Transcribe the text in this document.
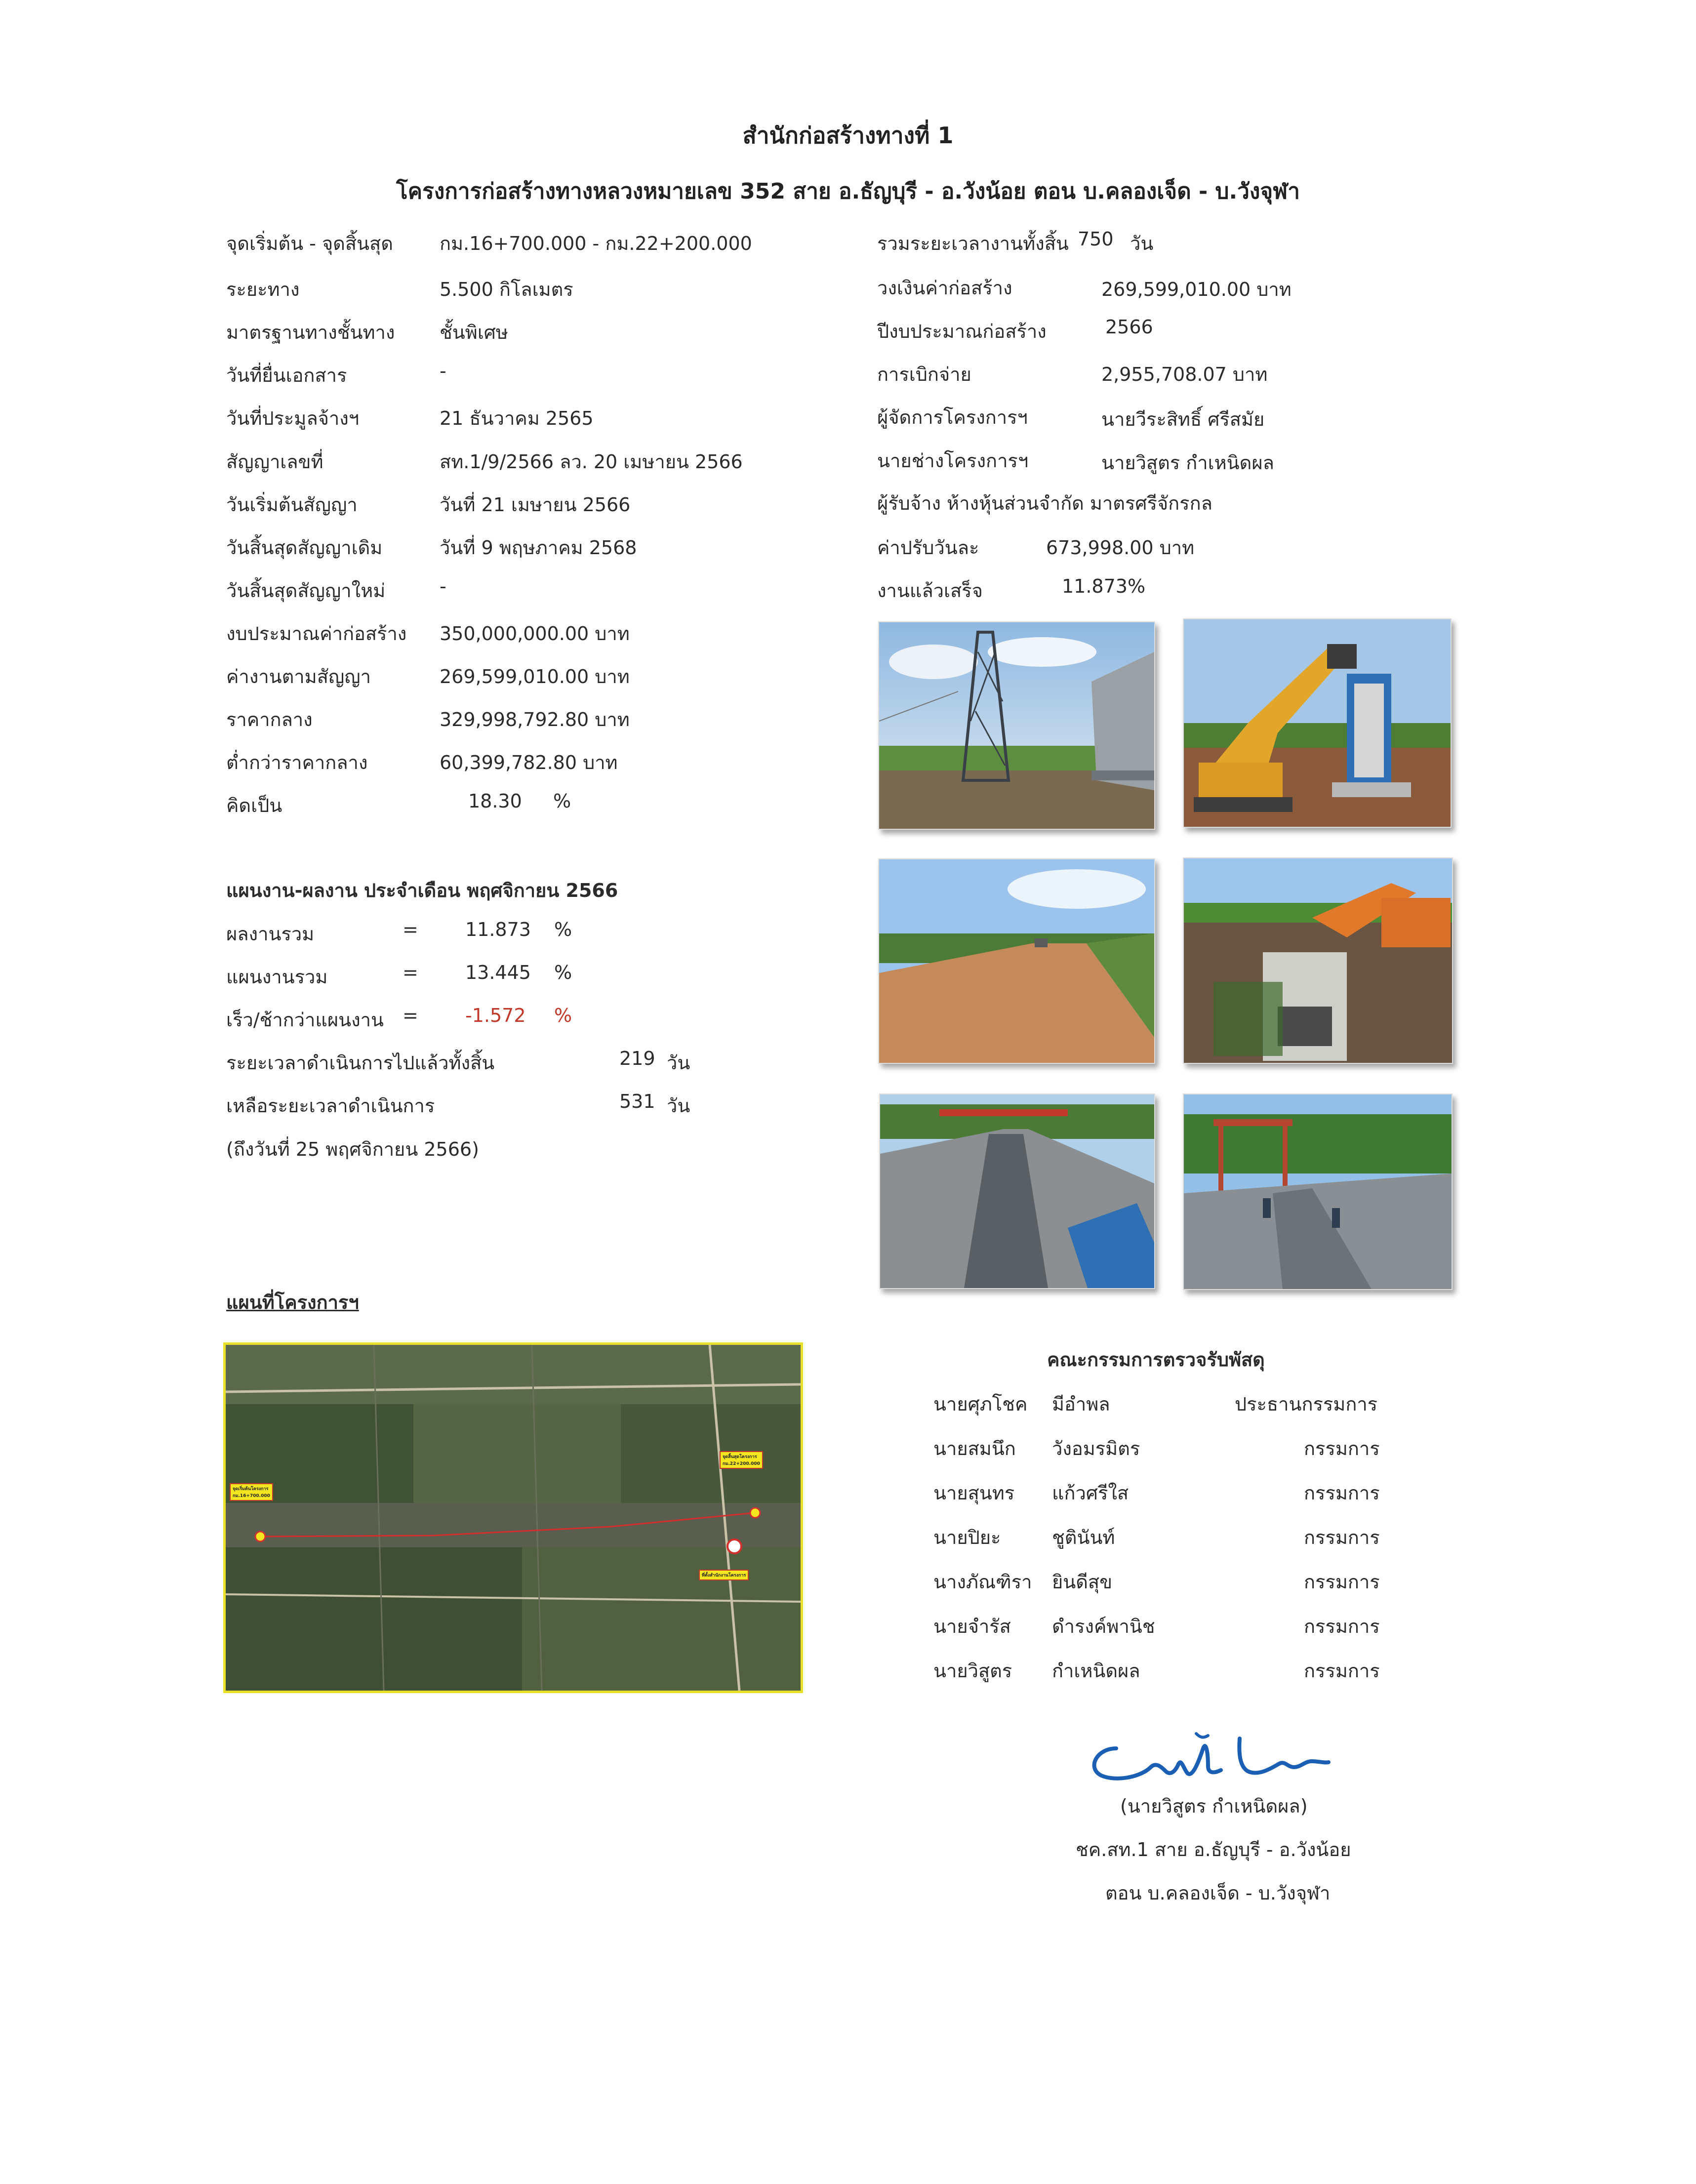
สำนักก่อสร้างทางที่ 1
โครงการก่อสร้างทางหลวงหมายเลข 352 สาย อ.ธัญบุรี - อ.วังน้อย ตอน บ.คลองเจ็ด - บ.วังจุฬา
จุดเริ่มต้น - จุดสิ้นสุด กม.16+700.000 - กม.22+200.000
ระยะทาง	5.500 กิโลเมตร
มาตรฐานทางชั้นทาง ชั้นพิเศษ
วันที่ยื่นเอกสาร	-
วันที่ประมูลจ้างฯ	21 ธันวาคม 2565
สัญญาเลขที่	สท.1/9/2566 ลว. 20 เมษายน 2566
วันเริ่มต้นสัญญา	วันที่ 21 เมษายน 2566
วันสิ้นสุดสัญญาเดิม	วันที่ 9 พฤษภาคม 2568
วันสิ้นสุดสัญญาใหม่	-
งบประมาณค่าก่อสร้าง 350,000,000.00 บาท
ค่างานตามสัญญา	269,599,010.00 บาท
ราคากลาง	329,998,792.80 บาท
ต่ำกว่าราคากลาง	60,399,782.80 บาท
คิดเป็น	18.30 %
รวมระยะเวลางานทั้งสิ้น 750 วัน
วงเงินค่าก่อสร้าง	269,599,010.00 บาท
ปีงบประมาณก่อสร้าง	2566
การเบิกจ่าย	2,955,708.07 บาท
ผู้จัดการโครงการฯ	นายวีระสิทธิ์ ศรีสมัย
นายช่างโครงการฯ	นายวิสูตร กำเหนิดผล
ผู้รับจ้าง ห้างหุ้นส่วนจำกัด มาตรศรีจักรกล
ค่าปรับวันละ	673,998.00 บาท
งานแล้วเสร็จ	11.873%
แผนงาน-ผลงาน ประจำเดือน พฤศจิกายน 2566
ผลงานรวม	=	11.873 %
แผนงานรวม	=	13.445 %
เร็ว/ช้ากว่าแผนงาน =	-1.572 %
ระยะเวลาดำเนินการไปแล้วทั้งสิ้น	219 วัน
เหลือระยะเวลาดำเนินการ	531 วัน
(ถึงวันที่ 25 พฤศจิกายน 2566)
แผนที่โครงการฯ
จุดเริ่มต้นโครงการ
กม.16+700.000
จุดสิ้นสุดโครงการ
กม.22+200.000
ที่ตั้งสำนักงานโครงการ
คณะกรรมการตรวจรับพัสดุ
นายศุภโชค มีอำพล	ประธานกรรมการ
นายสมนึก วังอมรมิตร	กรรมการ
นายสุนทร แก้วศรีใส	กรรมการ
นายปิยะ	ชูตินันท์	กรรมการ
นางภัณฑิรา ยินดีสุข	กรรมการ
นายจำรัส ดำรงค์พานิช	กรรมการ
นายวิสูตร กำเหนิดผล	กรรมการ
(นายวิสูตร กำเหนิดผล)
ชค.สท.1 สาย อ.ธัญบุรี - อ.วังน้อย
ตอน บ.คลองเจ็ด - บ.วังจุฬา
